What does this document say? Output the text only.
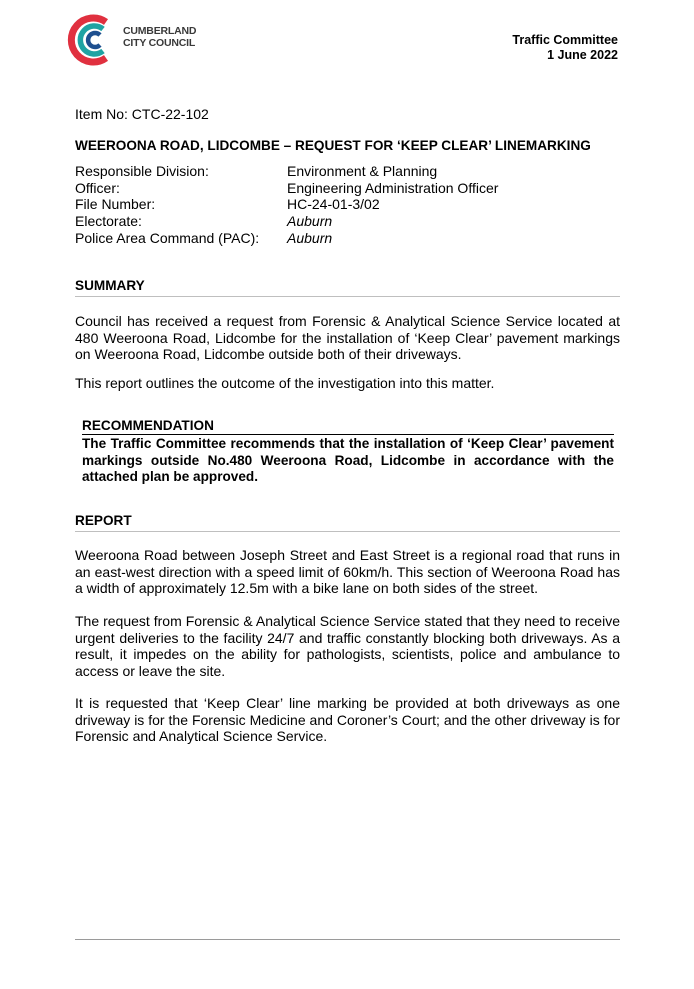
CUMBERLAND
CITY COUNCIL	Traffic Committee
1 June 2022
Item No: CTC-22-102
WEEROONA ROAD, LIDCOMBE – REQUEST FOR ‘KEEP CLEAR’ LINEMARKING
Responsible Division:	Environment & Planning
Officer:	Engineering Administration Officer
File Number:	HC-24-01-3/02
Electorate:	Auburn
Police Area Command (PAC):	Auburn
SUMMARY

Council has received a request from Forensic & Analytical Science Service located at 480 Weeroona Road, Lidcombe for the installation of ‘Keep Clear’ pavement markings on Weeroona Road, Lidcombe outside both of their driveways.

This report outlines the outcome of the investigation into this matter.

RECOMMENDATION

The Traffic Committee recommends that the installation of ‘Keep Clear’ pavement markings outside No.480 Weeroona Road, Lidcombe in accordance with the attached plan be approved.

REPORT

Weeroona Road between Joseph Street and East Street is a regional road that runs in an east-west direction with a speed limit of 60km/h. This section of Weeroona Road has a width of approximately 12.5m with a bike lane on both sides of the street.

The request from Forensic & Analytical Science Service stated that they need to receive urgent deliveries to the facility 24/7 and traffic constantly blocking both driveways. As a result, it impedes on the ability for pathologists, scientists, police and ambulance to access or leave the site.

It is requested that ‘Keep Clear’ line marking be provided at both driveways as one driveway is for the Forensic Medicine and Coroner’s Court; and the other driveway is for Forensic and Analytical Science Service.
